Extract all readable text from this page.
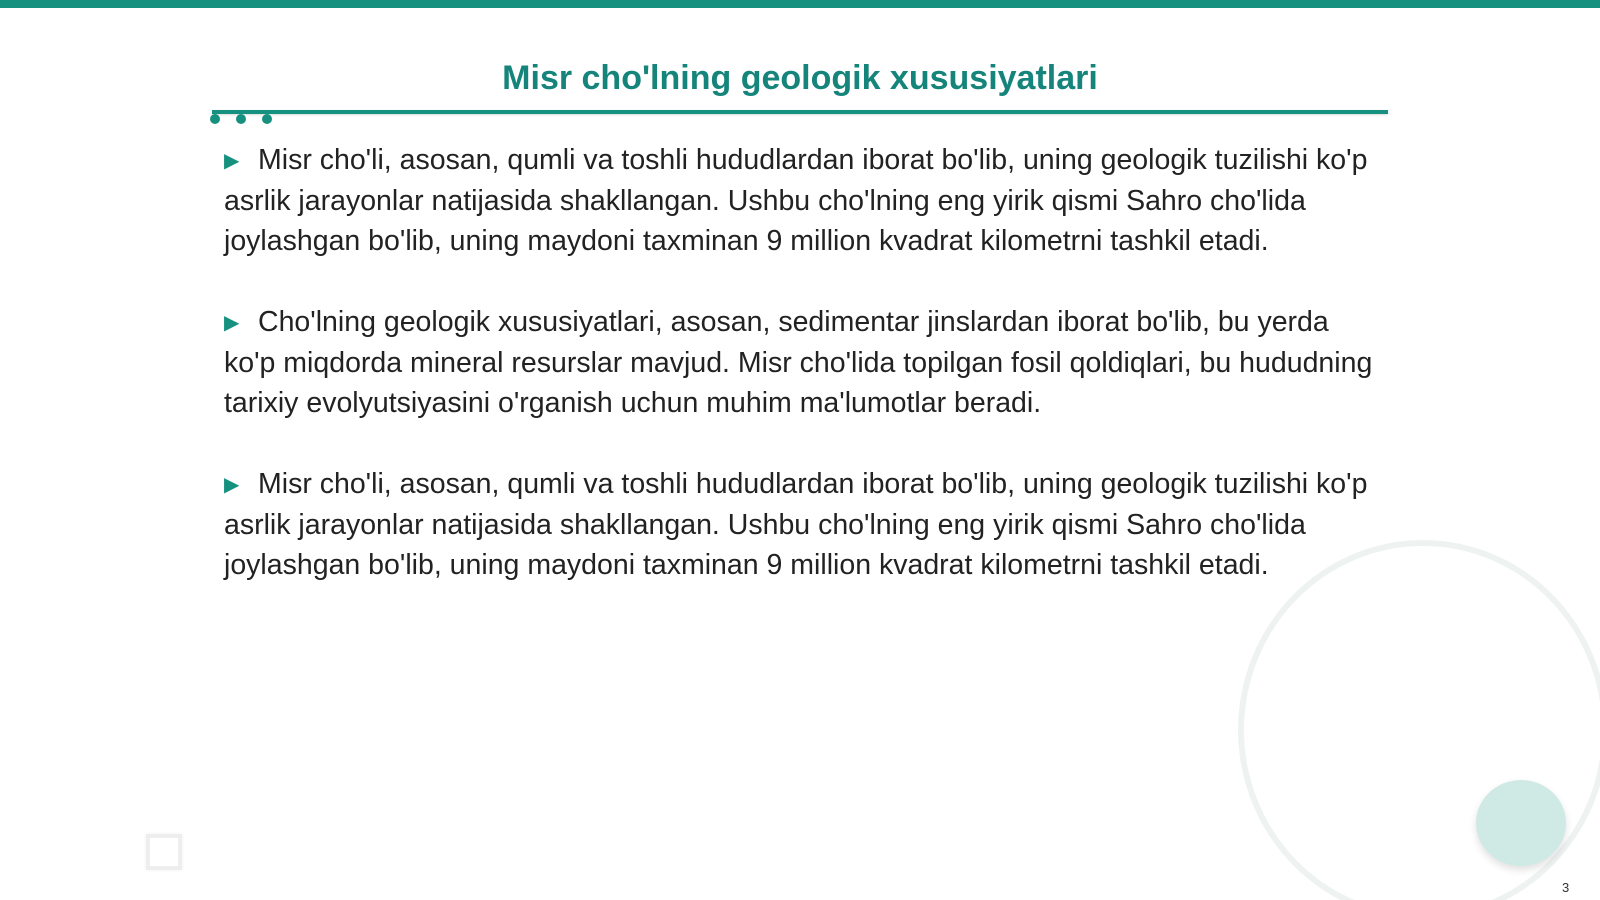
Misr cho'lning geologik xususiyatlari

▶ Misr cho'li, asosan, qumli va toshli hududlardan iborat bo'lib, uning geologik tuzilishi ko'p asrlik jarayonlar natijasida shakllangan. Ushbu cho'lning eng yirik qismi Sahro cho'lida joylashgan bo'lib, uning maydoni taxminan 9 million kvadrat kilometrni tashkil etadi.

▶ Cho'lning geologik xususiyatlari, asosan, sedimentar jinslardan iborat bo'lib, bu yerda ko'p miqdorda mineral resurslar mavjud. Misr cho'lida topilgan fosil qoldiqlari, bu hududning tarixiy evolyutsiyasini o'rganish uchun muhim ma'lumotlar beradi.

▶ Misr cho'li, asosan, qumli va toshli hududlardan iborat bo'lib, uning geologik tuzilishi ko'p asrlik jarayonlar natijasida shakllangan. Ushbu cho'lning eng yirik qismi Sahro cho'lida joylashgan bo'lib, uning maydoni taxminan 9 million kvadrat kilometrni tashkil etadi.

3
